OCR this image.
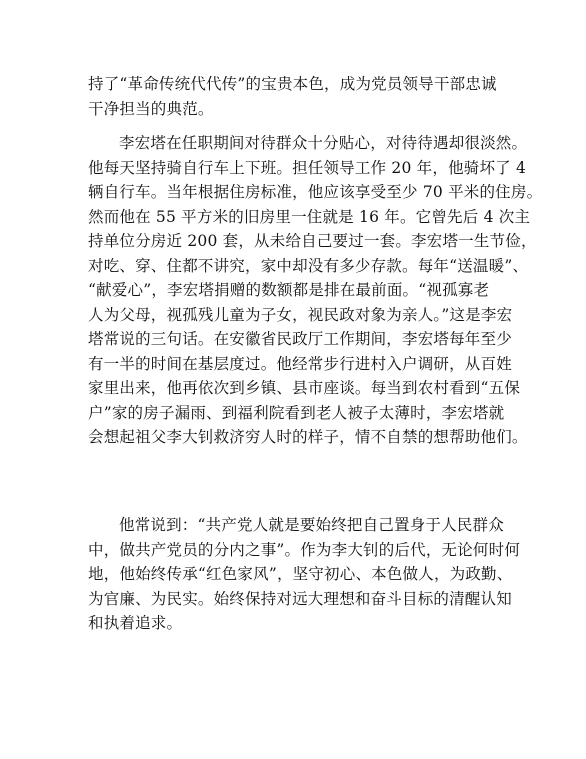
持了“革命传统代代传”的宝贵本色，成为党员领导干部忠诚
干净担当的典范。
李宏塔在任职期间对待群众十分贴心，对待待遇却很淡然。
他每天坚持骑自行车上下班。担任领导工作 20 年，他骑坏了 4
辆自行车。当年根据住房标准，他应该享受至少 70 平米的住房。
然而他在 55 平方米的旧房里一住就是 16 年。它曾先后 4 次主
持单位分房近 200 套，从未给自己要过一套。李宏塔一生节俭，
对吃、穿、住都不讲究，家中却没有多少存款。每年“送温暖”、
“献爱心”，李宏塔捐赠的数额都是排在最前面。“视孤寡老
人为父母，视孤残儿童为子女，视民政对象为亲人。”这是李宏
塔常说的三句话。在安徽省民政厅工作期间，李宏塔每年至少
有一半的时间在基层度过。他经常步行进村入户调研，从百姓
家里出来，他再依次到乡镇、县市座谈。每当到农村看到“五保
户”家的房子漏雨、到福利院看到老人被子太薄时，李宏塔就
会想起祖父李大钊救济穷人时的样子，情不自禁的想帮助他们。
他常说到：“共产党人就是要始终把自己置身于人民群众
中，做共产党员的分内之事”。作为李大钊的后代，无论何时何
地，他始终传承“红色家风”，坚守初心、本色做人，为政勤、
为官廉、为民实。始终保持对远大理想和奋斗目标的清醒认知
和执着追求。
